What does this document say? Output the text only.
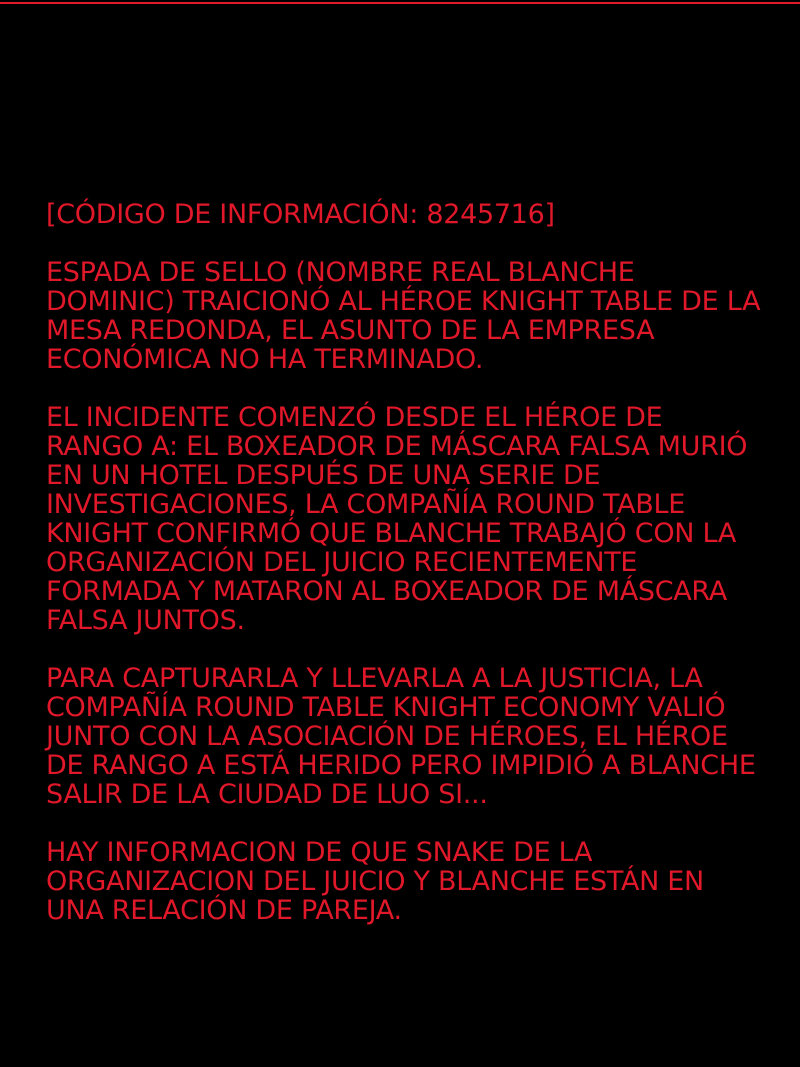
[CÓDIGO DE INFORMACIÓN: 8245716]

ESPADA DE SELLO (NOMBRE REAL BLANCHE DOMINIC) TRAICIONÓ AL HÉROE KNIGHT TABLE DE LA MESA REDONDA, EL ASUNTO DE LA EMPRESA ECONÓMICA NO HA TERMINADO.

EL INCIDENTE COMENZÓ DESDE EL HÉROE DE RANGO A: EL BOXEADOR DE MÁSCARA FALSA MURIÓ EN UN HOTEL DESPUÉS DE UNA SERIE DE INVESTIGACIONES, LA COMPAÑÍA ROUND TABLE KNIGHT CONFIRMÓ QUE BLANCHE TRABAJÓ CON LA ORGANIZACIÓN DEL JUICIO RECIENTEMENTE FORMADA Y MATARON AL BOXEADOR DE MÁSCARA FALSA JUNTOS.

PARA CAPTURARLA Y LLEVARLA A LA JUSTICIA, LA COMPAÑÍA ROUND TABLE KNIGHT ECONOMY VALIÓ JUNTO CON LA ASOCIACIÓN DE HÉROES, EL HÉROE DE RANGO A ESTÁ HERIDO PERO IMPIDIÓ A BLANCHE SALIR DE LA CIUDAD DE LUO SI...

HAY INFORMACION DE QUE SNAKE DE LA ORGANIZACION DEL JUICIO Y BLANCHE ESTÁN EN UNA RELACIÓN DE PAREJA.
